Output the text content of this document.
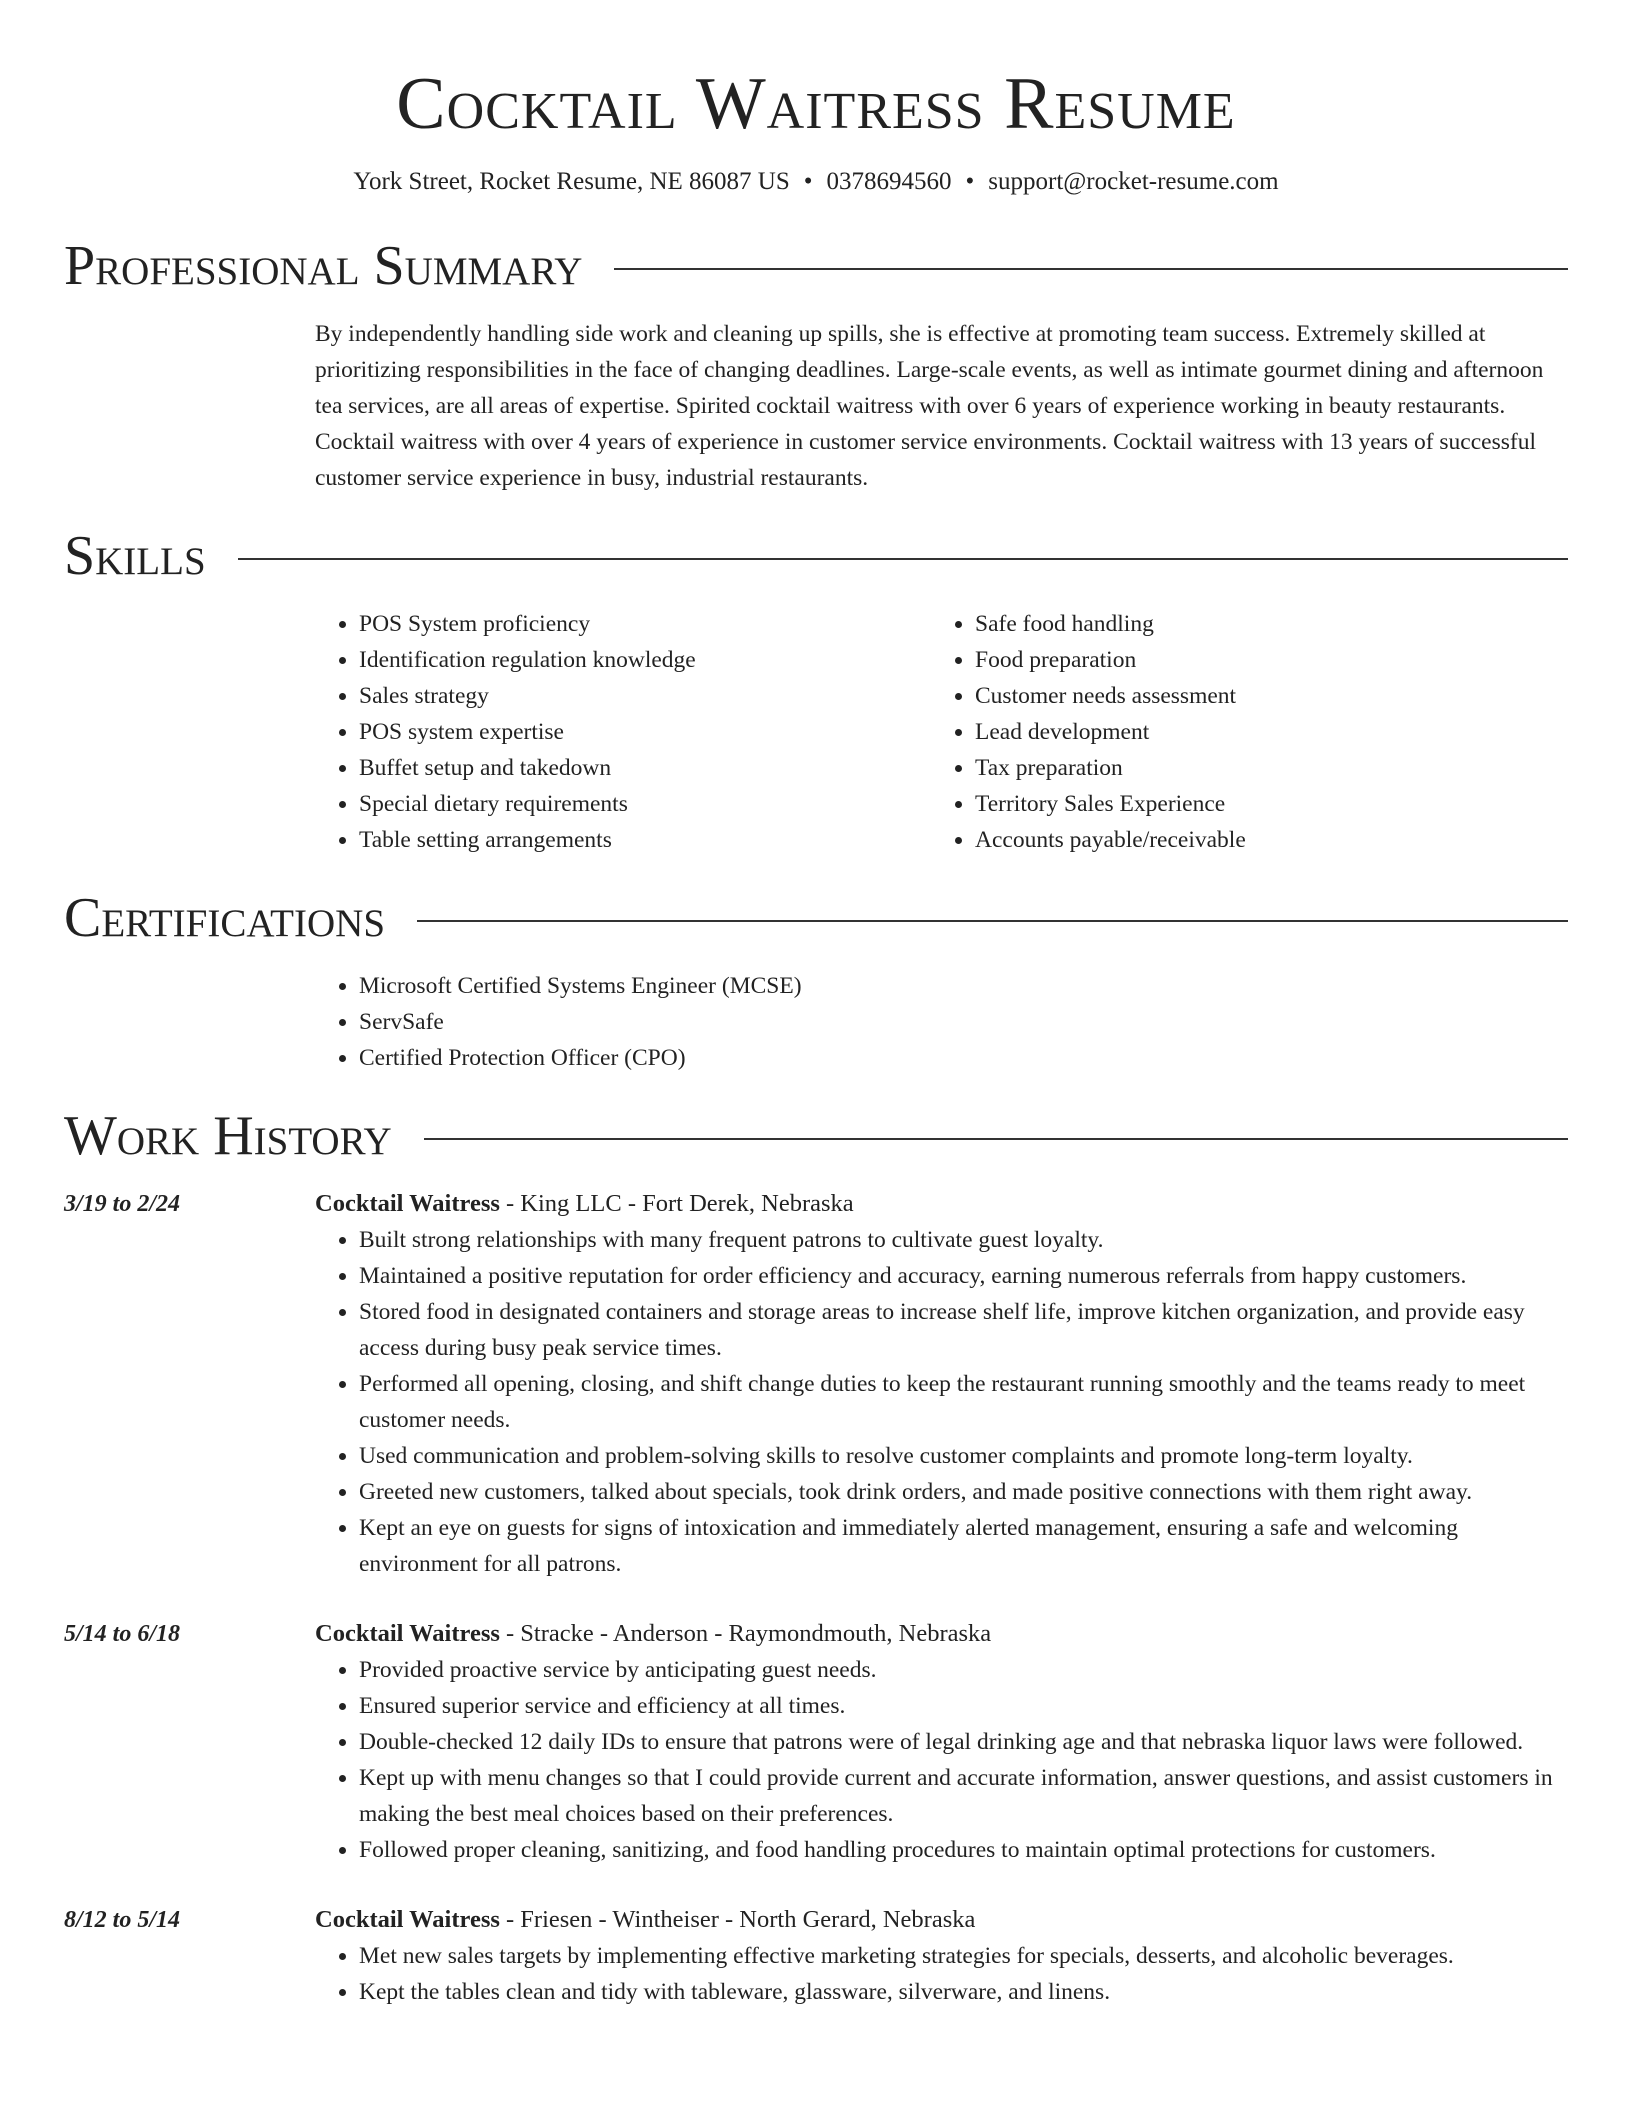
Cocktail Waitress Resume
York Street, Rocket Resume, NE 86087 US • 0378694560 • support@rocket-resume.com
Professional Summary

By independently handling side work and cleaning up spills, she is effective at promoting team success. Extremely skilled at prioritizing responsibilities in the face of changing deadlines. Large-scale events, as well as intimate gourmet dining and afternoon tea services, are all areas of expertise. Spirited cocktail waitress with over 6 years of experience working in beauty restaurants. Cocktail waitress with over 4 years of experience in customer service environments. Cocktail waitress with 13 years of successful customer service experience in busy, industrial restaurants.

Skills
• POS System proficiency
• Identification regulation knowledge
• Sales strategy
• POS system expertise
• Buffet setup and takedown
• Special dietary requirements
• Table setting arrangements
• Safe food handling
• Food preparation
• Customer needs assessment
• Lead development
• Tax preparation
• Territory Sales Experience
• Accounts payable/receivable
Certifications
• Microsoft Certified Systems Engineer (MCSE)
• ServSafe
• Certified Protection Officer (CPO)
Work History
3/19 to 2/24	Cocktail Waitress - King LLC - Fort Derek, Nebraska
• Built strong relationships with many frequent patrons to cultivate guest loyalty.
• Maintained a positive reputation for order efficiency and accuracy, earning numerous referrals from happy customers.
• Stored food in designated containers and storage areas to increase shelf life, improve kitchen organization, and provide easy access during busy peak service times.
• Performed all opening, closing, and shift change duties to keep the restaurant running smoothly and the teams ready to meet customer needs.
• Used communication and problem-solving skills to resolve customer complaints and promote long-term loyalty.
• Greeted new customers, talked about specials, took drink orders, and made positive connections with them right away.
• Kept an eye on guests for signs of intoxication and immediately alerted management, ensuring a safe and welcoming environment for all patrons.
5/14 to 6/18	Cocktail Waitress - Stracke - Anderson - Raymondmouth, Nebraska
• Provided proactive service by anticipating guest needs.
• Ensured superior service and efficiency at all times.
• Double-checked 12 daily IDs to ensure that patrons were of legal drinking age and that nebraska liquor laws were followed.
• Kept up with menu changes so that I could provide current and accurate information, answer questions, and assist customers in making the best meal choices based on their preferences.
• Followed proper cleaning, sanitizing, and food handling procedures to maintain optimal protections for customers.
8/12 to 5/14	Cocktail Waitress - Friesen - Wintheiser - North Gerard, Nebraska
• Met new sales targets by implementing effective marketing strategies for specials, desserts, and alcoholic beverages.
• Kept the tables clean and tidy with tableware, glassware, silverware, and linens.
